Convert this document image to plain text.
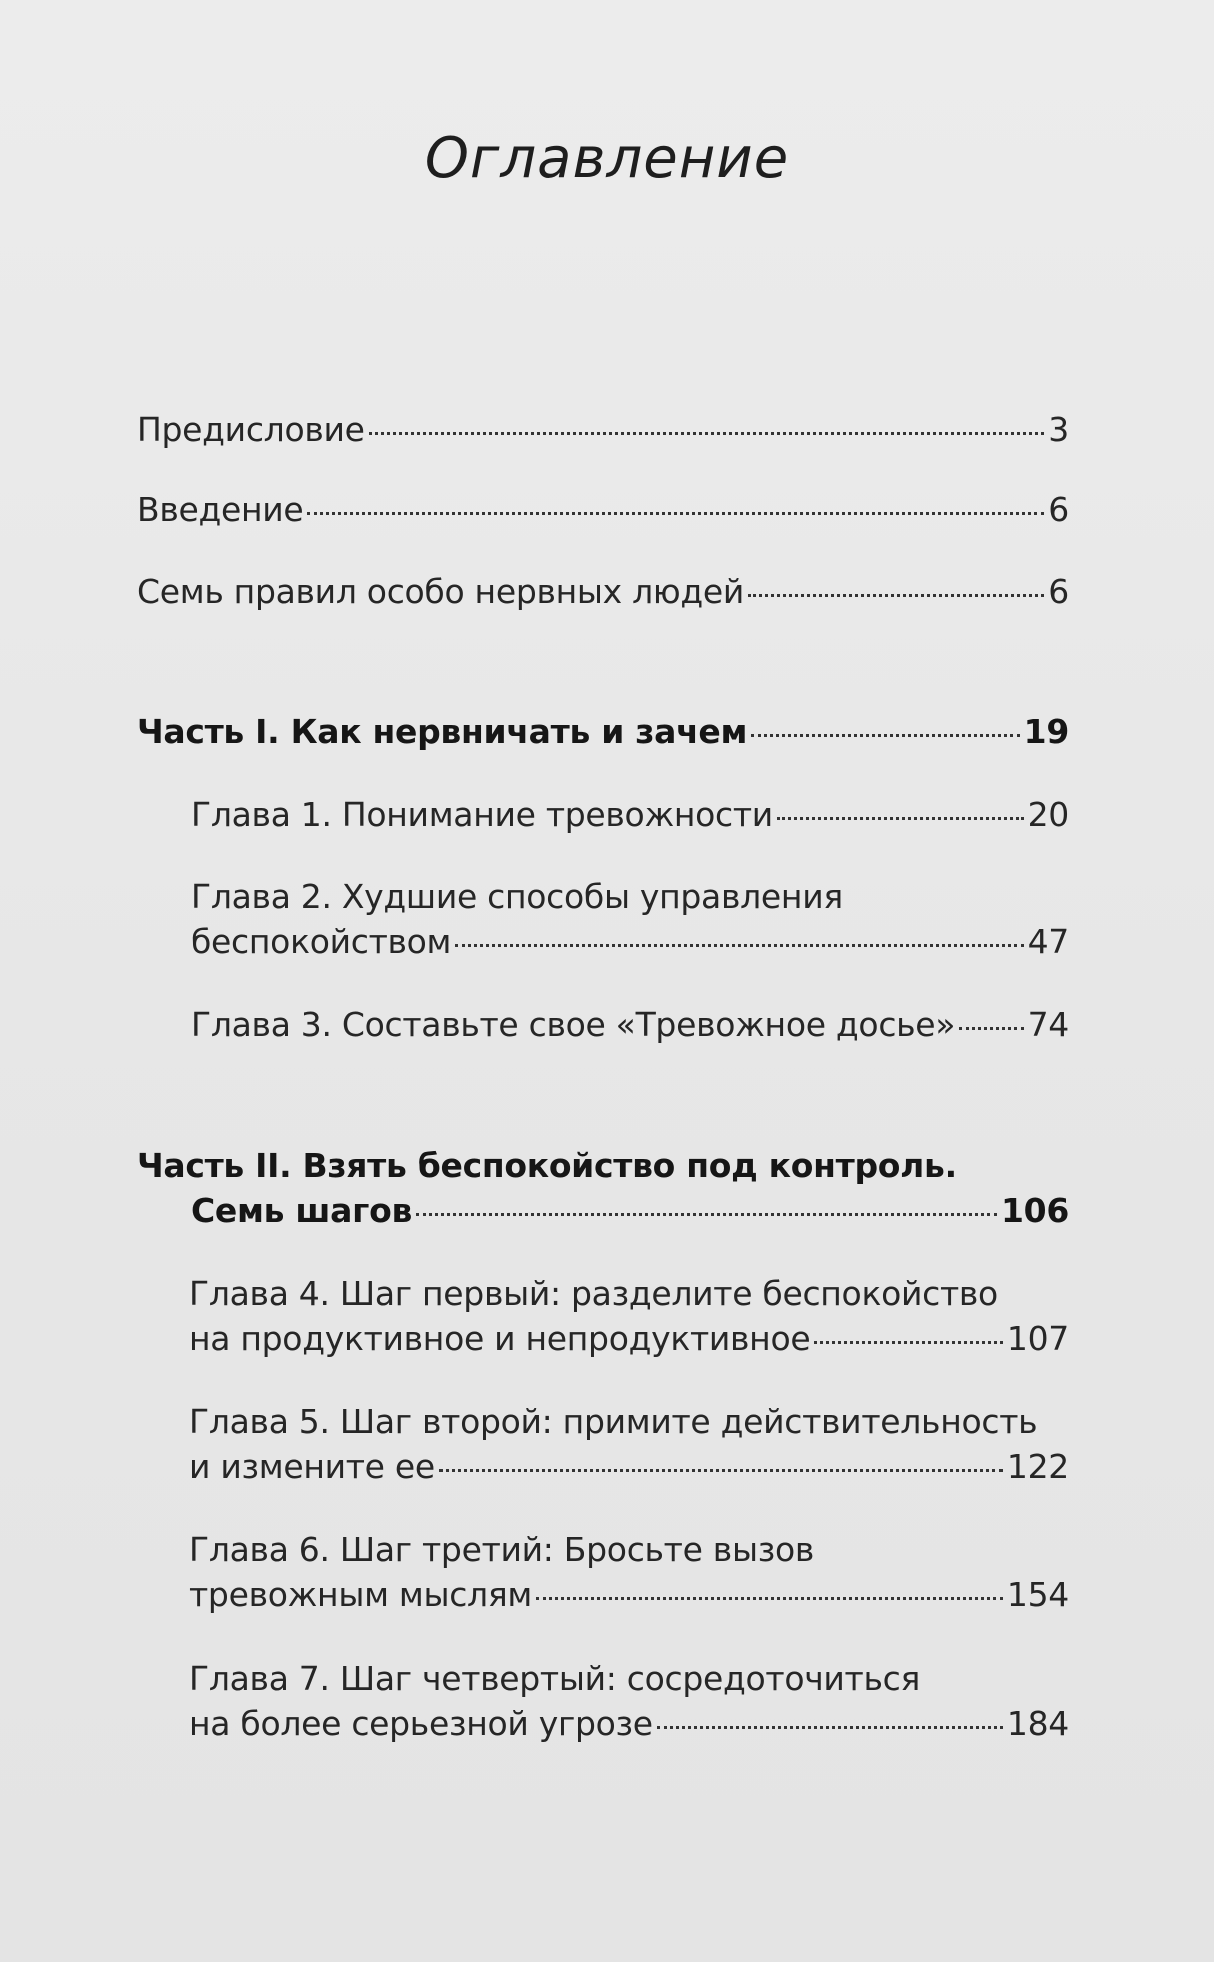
Оглавление
Предисловие	3
Введение	6
Семь правил особо нервных людей	6
Часть I. Как нервничать и зачем	19
Глава 1. Понимание тревожности	20
Глава 2. Худшие способы управления
беспокойством	47
Глава 3. Составьте свое «Тревожное досье» 74
Часть II. Взять беспокойство под контроль.
Семь шагов	106
Глава 4. Шаг первый: разделите беспокойство
на продуктивное и непродуктивное	107
Глава 5. Шаг второй: примите действительность
и измените ее	122
Глава 6. Шаг третий: Бросьте вызов
тревожным мыслям	154
Глава 7. Шаг четвертый: сосредоточиться
на более серьезной угрозе	184
